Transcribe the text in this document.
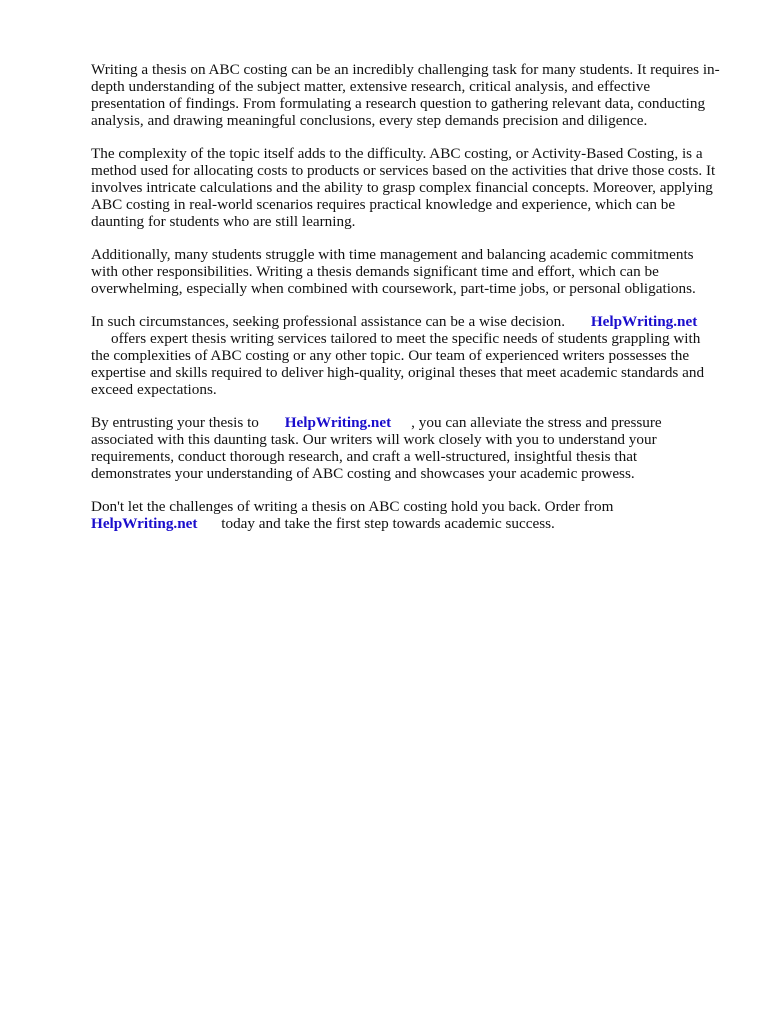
Writing a thesis on ABC costing can be an incredibly challenging task for many students. It requires in-depth understanding of the subject matter, extensive research, critical analysis, and effective presentation of findings. From formulating a research question to gathering relevant data, conducting analysis, and drawing meaningful conclusions, every step demands precision and diligence.

The complexity of the topic itself adds to the difficulty. ABC costing, or Activity-Based Costing, is a method used for allocating costs to products or services based on the activities that drive those costs. It involves intricate calculations and the ability to grasp complex financial concepts. Moreover, applying ABC costing in real-world scenarios requires practical knowledge and experience, which can be daunting for students who are still learning.

Additionally, many students struggle with time management and balancing academic commitments with other responsibilities. Writing a thesis demands significant time and effort, which can be overwhelming, especially when combined with coursework, part-time jobs, or personal obligations.

In such circumstances, seeking professional assistance can be a wise decision. HelpWriting.net
offers expert thesis writing services tailored to meet the specific needs of students grappling with the complexities of ABC costing or any other topic. Our team of experienced writers possesses the expertise and skills required to deliver high-quality, original theses that meet academic standards and exceed expectations.

By entrusting your thesis to HelpWriting.net , you can alleviate the stress and pressure associated with this daunting task. Our writers will work closely with you to understand your requirements, conduct thorough research, and craft a well-structured, insightful thesis that demonstrates your understanding of ABC costing and showcases your academic prowess.

Don't let the challenges of writing a thesis on ABC costing hold you back. Order from
HelpWriting.net today and take the first step towards academic success.
